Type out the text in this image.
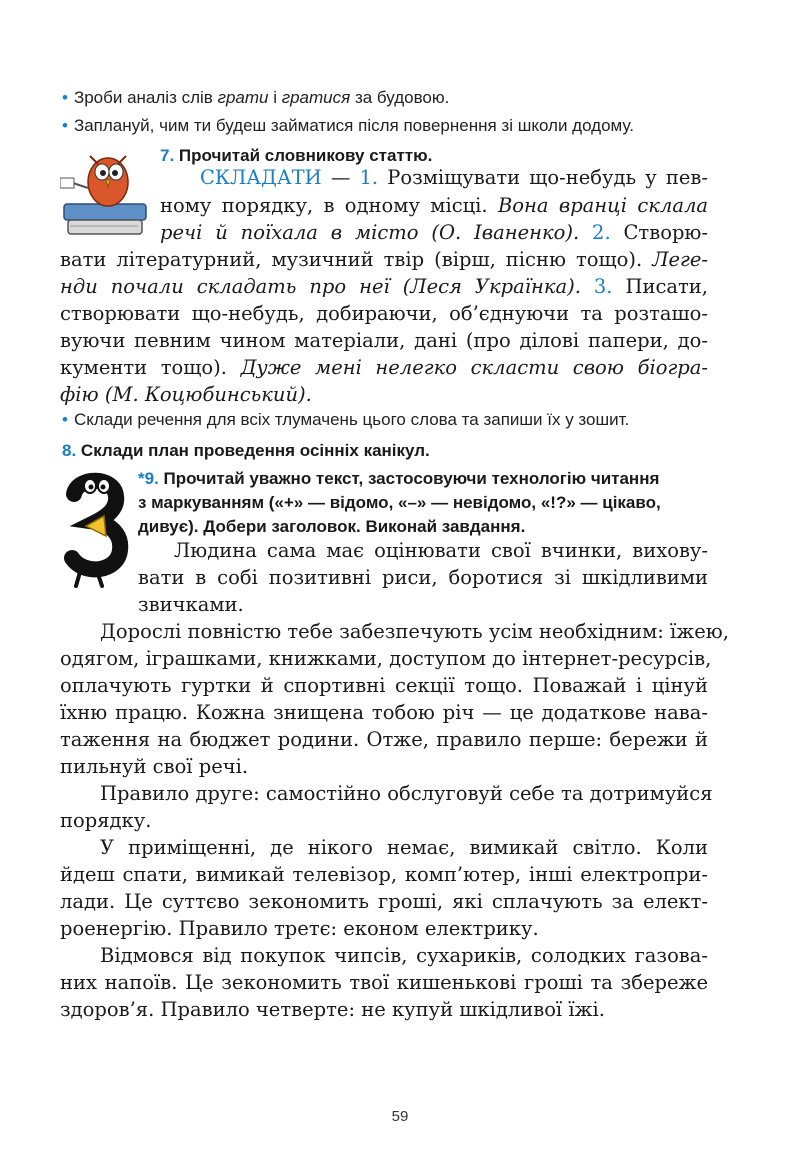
• Зроби аналіз слів грати і гратися за будовою.
• Заплануй, чим ти будеш займатися після повернення зі школи додому.
7. Прочитай словникову статтю.
СКЛАДАТИ — 1. Розміщувати що-небудь у пев-
ному порядку, в одному місці. Вона вранці склала
речі й поїхала в місто (О. Іваненко). 2. Створю-
вати літературний, музичний твір (вірш, пісню тощо). Леге-
нди почали складать про неї (Леся Українка). 3. Писати,
створювати що-небудь, добираючи, об’єднуючи та розташо-
вуючи певним чином матеріали, дані (про ділові папери, до-
кументи тощо). Дуже мені нелегко скласти свою біогра-
фію (М. Коцюбинський).
• Склади речення для всіх тлумачень цього слова та запиши їх у зошит.
8. Склади план проведення осінніх канікул.
*9. Прочитай уважно текст, застосовуючи технологію читання
з маркуванням («+» — відомо, «–» — невідомо, «!?» — цікаво,
дивує). Добери заголовок. Виконай завдання.
Людина сама має оцінювати свої вчинки, вихову-
вати в собі позитивні риси, боротися зі шкідливими
звичками.
Дорослі повністю тебе забезпечують усім необхідним: їжею,
одягом, іграшками, книжками, доступом до інтернет-ресурсів,
оплачують гуртки й спортивні секції тощо. Поважай і цінуй
їхню працю. Кожна знищена тобою річ — це додаткове нава-
таження на бюджет родини. Отже, правило перше: бережи й
пильнуй свої речі.
Правило друге: самостійно обслуговуй себе та дотримуйся
порядку.
У приміщенні, де нікого немає, вимикай світло. Коли
йдеш спати, вимикай телевізор, комп’ютер, інші електропри-
лади. Це суттєво зекономить гроші, які сплачують за елект-
роенергію. Правило третє: економ електрику.
Відмовся від покупок чипсів, сухариків, солодких газова-
них напоїв. Це зекономить твої кишенькові гроші та збереже
здоров’я. Правило четверте: не купуй шкідливої їжі.
59
